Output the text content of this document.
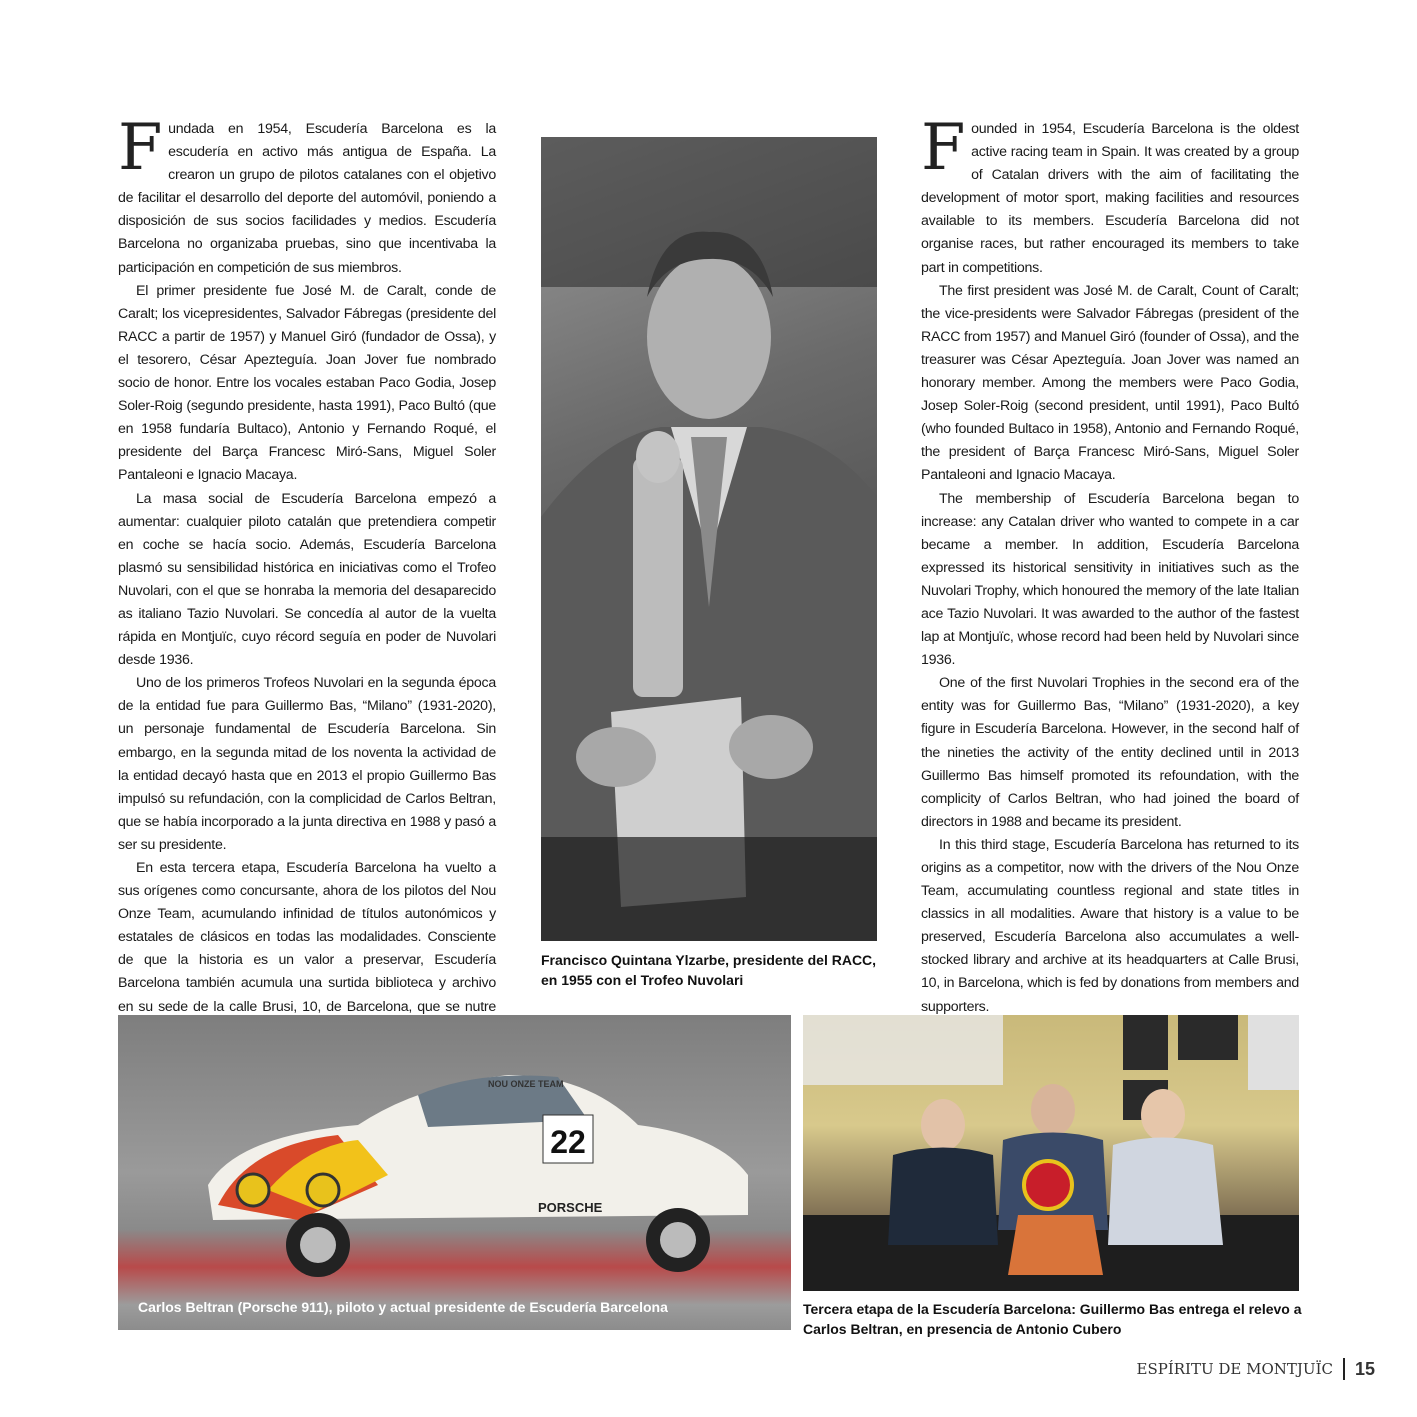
F undada en 1954, Escudería Barcelona es la escudería en activo más antigua de España. La crearon un grupo de pilotos catalanes con el objetivo de facilitar el desarrollo del deporte del automóvil, poniendo a disposición de sus socios facilidades y medios. Escudería Barcelona no organizaba pruebas, sino que incentivaba la participación en competición de sus miembros.

El primer presidente fue José M. de Caralt, conde de Caralt; los vicepresidentes, Salvador Fábregas (presidente del RACC a partir de 1957) y Manuel Giró (fundador de Ossa), y el tesorero, César Apezteguía. Joan Jover fue nombrado socio de honor. Entre los vocales estaban Paco Godia, Josep Soler-Roig (segundo presidente, hasta 1991), Paco Bultó (que en 1958 fundaría Bultaco), Antonio y Fernando Roqué, el presidente del Barça Francesc Miró-Sans, Miguel Soler Pantaleoni e Ignacio Macaya.

La masa social de Escudería Barcelona empezó a aumentar: cualquier piloto catalán que pretendiera competir en coche se hacía socio. Además, Escudería Barcelona plasmó su sensibilidad histórica en iniciativas como el Trofeo Nuvolari, con el que se honraba la memoria del desaparecido as italiano Tazio Nuvolari. Se concedía al autor de la vuelta rápida en Montjuïc, cuyo récord seguía en poder de Nuvolari desde 1936.

Uno de los primeros Trofeos Nuvolari en la segunda época de la entidad fue para Guillermo Bas, “Milano” (1931-2020), un personaje fundamental de Escudería Barcelona. Sin embargo, en la segunda mitad de los noventa la actividad de la entidad decayó hasta que en 2013 el propio Guillermo Bas impulsó su refundación, con la complicidad de Carlos Beltran, que se había incorporado a la junta directiva en 1988 y pasó a ser su presidente.

En esta tercera etapa, Escudería Barcelona ha vuelto a sus orígenes como concursante, ahora de los pilotos del Nou Onze Team, acumulando infinidad de títulos autonómicos y estatales de clásicos en todas las modalidades. Consciente de que la historia es un valor a preservar, Escudería Barcelona también acumula una surtida biblioteca y archivo en su sede de la calle Brusi, 10, de Barcelona, que se nutre

Francisco Quintana Ylzarbe, presidente del RACC, en 1955 con el Trofeo Nuvolari
F ounded in 1954, Escudería Barcelona is the oldest active racing team in Spain. It was created by a group of Catalan drivers with the aim of facilitating the development of motor sport, making facilities and resources available to its members. Escudería Barcelona did not organise races, but rather encouraged its members to take part in competitions.

The first president was José M. de Caralt, Count of Caralt; the vice-presidents were Salvador Fábregas (president of the RACC from 1957) and Manuel Giró (founder of Ossa), and the treasurer was César Apezteguía. Joan Jover was named an honorary member. Among the members were Paco Godia, Josep Soler-Roig (second president, until 1991), Paco Bultó (who founded Bultaco in 1958), Antonio and Fernando Roqué, the president of Barça Francesc Miró-Sans, Miguel Soler Pantaleoni and Ignacio Macaya.

The membership of Escudería Barcelona began to increase: any Catalan driver who wanted to compete in a car became a member. In addition, Escudería Barcelona expressed its historical sensitivity in initiatives such as the Nuvolari Trophy, which honoured the memory of the late Italian ace Tazio Nuvolari. It was awarded to the author of the fastest lap at Montjuïc, whose record had been held by Nuvolari since 1936.

One of the first Nuvolari Trophies in the second era of the entity was for Guillermo Bas, “Milano” (1931-2020), a key figure in Escudería Barcelona. However, in the second half of the nineties the activity of the entity declined until in 2013 Guillermo Bas himself promoted its refoundation, with the complicity of Carlos Beltran, who had joined the board of directors in 1988 and became its president.

In this third stage, Escudería Barcelona has returned to its origins as a competitor, now with the drivers of the Nou Onze Team, accumulating countless regional and state titles in classics in all modalities. Aware that history is a value to be preserved, Escudería Barcelona also accumulates a well-stocked library and archive at its headquarters at Calle Brusi, 10, in Barcelona, which is fed by donations from members and supporters.

22
PORSCHE
NOU ONZE TEAM
Carlos Beltran (Porsche 911), piloto y actual presidente de Escudería Barcelona	Tercera etapa de la Escudería Barcelona: Guillermo Bas entrega el relevo a Carlos Beltran, en presencia de Antonio Cubero
ESPÍRITU DE MONTJUÏC 15
